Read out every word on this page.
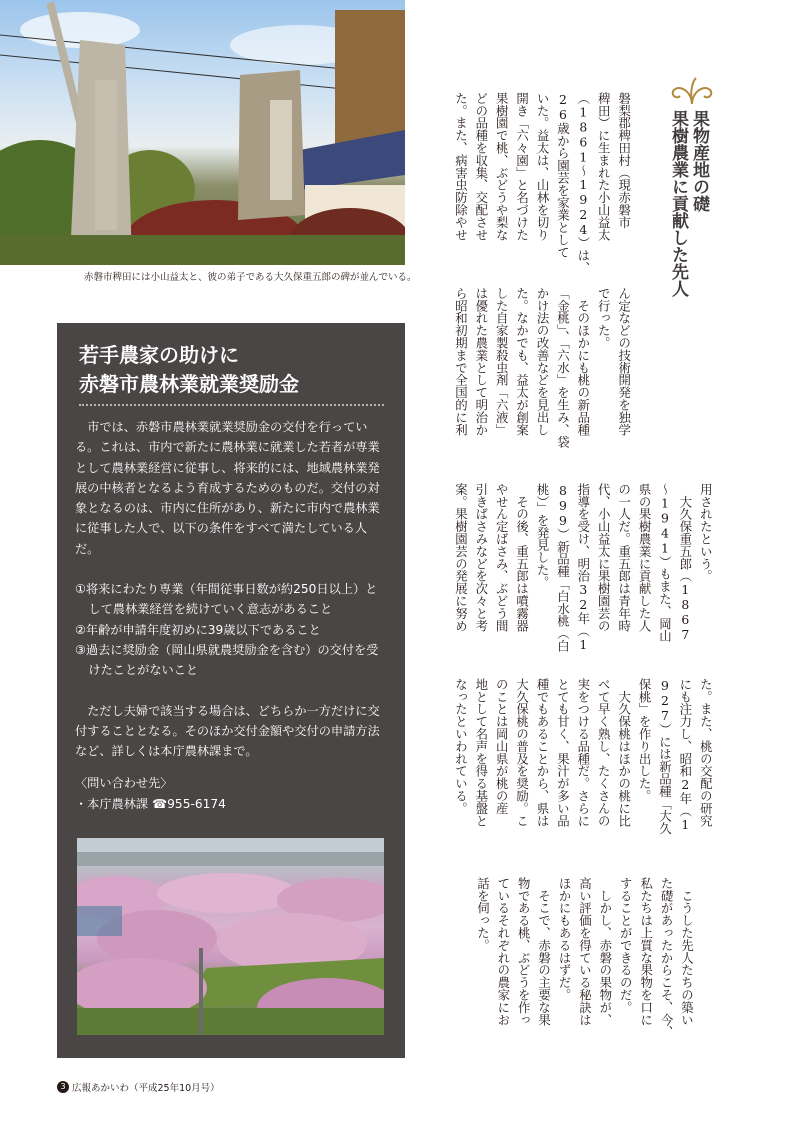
赤磐市稗田には小山益太と、彼の弟子である大久保重五郎の碑が並んでいる。
果物産地の礎
果樹農業に貢献した先人
磐梨郡稗田村（現赤磐市
稗田）に生まれた小山益太
（1861〜1924）は、
26歳から園芸を家業として
いた。益太は、山林を切り
開き「六々園」と名づけた
果樹園で桃、ぶどうや梨な
どの品種を収集、交配させ
た。また、病害虫防除やせ
ん定などの技術開発を独学
で行った。
　そのほかにも桃の新品種
「金桃」、「六水」を生み、袋
かけ法の改善などを見出し
た。なかでも、益太が創案
した自家製殺虫剤「六液」
は優れた農業として明治か
ら昭和初期まで全国的に利
用されたという。
　大久保重五郎（1867
〜1941）もまた、岡山
県の果樹農業に貢献した人
の一人だ。重五郎は青年時
代、小山益太に果樹園芸の
指導を受け、明治32年（1
899）新品種「白水桃（白
桃）」を発見した。
　その後、重五郎は噴霧器
やせん定ばさみ、ぶどう間
引きばさみなどを次々と考
案。果樹園芸の発展に努め
た。また、桃の交配の研究
にも注力し、昭和2年（1
927）には新品種「大久
保桃」を作り出した。
　大久保桃はほかの桃に比
べて早く熟し、たくさんの
実をつける品種だ。さらに
とても甘く、果汁が多い品
種でもあることから、県は
大久保桃の普及を奨励。こ
のことは岡山県が桃の産
地として名声を得る基盤と
なったといわれている。
　こうした先人たちの築い
た礎があったからこそ、今、
私たちは上質な果物を口に
することができるのだ。
　しかし、赤磐の果物が、
高い評価を得ている秘訣は
ほかにもあるはずだ。
　そこで、赤磐の主要な果
物である桃、ぶどうを作っ
ているそれぞれの農家にお
話を伺った。
若手農家の助けに
赤磐市農林業就業奨励金

市では、赤磐市農林業就業奨励金の交付を行っている。これは、市内で新たに農林業に就業した若者が専業として農林業経営に従事し、将来的には、地域農林業発展の中核者となるよう育成するためのものだ。交付の対象となるのは、市内に住所があり、新たに市内で農林業に従事した人で、以下の条件をすべて満たしている人だ。

①将来にわたり専業（年間従事日数が約250日以上）として農林業経営を続けていく意志があること
②年齢が申請年度初めに39歳以下であること
③過去に奨励金（岡山県就農奨励金を含む）の交付を受けたことがないこと

ただし夫婦で該当する場合は、どちらか一方だけに交付することとなる。そのほか交付金額や交付の申請方法など、詳しくは本庁農林課まで。

〈問い合わせ先〉

・本庁農林課 ☎955-6174

3 広報あかいわ（平成25年10月号）
